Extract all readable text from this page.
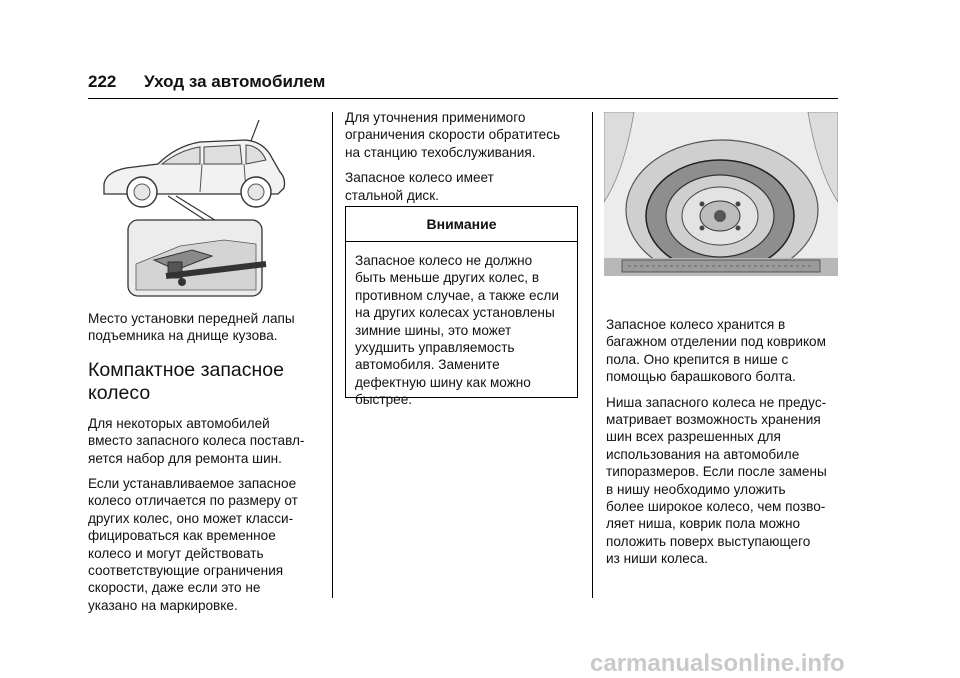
222 Уход за автомобилем

Место установки передней лапы
подъемника на днище кузова.

Компактное запасное
колесо

Для некоторых автомобилей
вместо запасного колеса поставл-
яется набор для ремонта шин.

Если устанавливаемое запасное
колесо отличается по размеру от
других колес, оно может класси-
фицироваться как временное
колесо и могут действовать
соответствующие ограничения
скорости, даже если это не
указано на маркировке.

Для уточнения применимого
ограничения скорости обратитесь
на станцию техобслуживания.

Запасное колесо имеет
стальной диск.

Внимание
Запасное колесо не должно
быть меньше других колес, в
противном случае, а также если
на других колесах установлены
зимние шины, это может
ухудшить управляемость
автомобиля. Замените
дефектную шину как можно
быстрее.

Запасное колесо хранится в
багажном отделении под ковриком
пола. Оно крепится в нише с
помощью барашкового болта.

Ниша запасного колеса не предус-
матривает возможность хранения
шин всех разрешенных для
использования на автомобиле
типоразмеров. Если после замены
в нишу необходимо уложить
более широкое колесо, чем позво-
ляет ниша, коврик пола можно
положить поверх выступающего
из ниши колеса.

carmanualsonline.info
